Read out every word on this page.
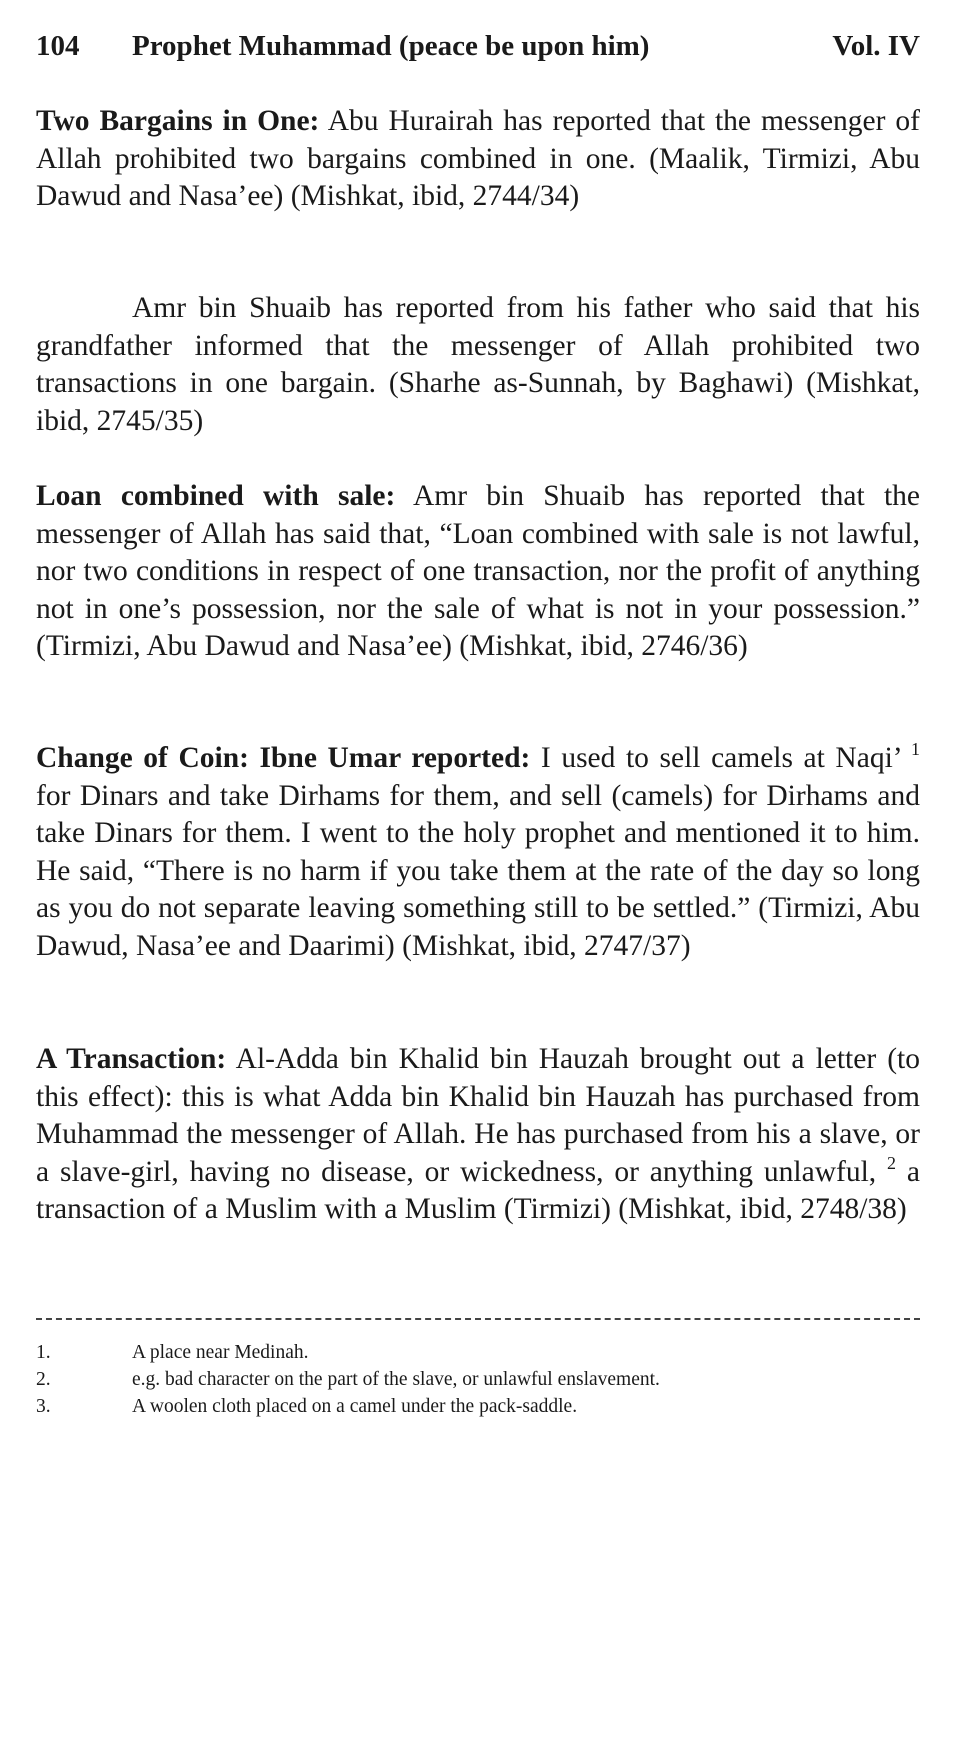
104 Prophet Muhammad (peace be upon him)	Vol. IV

Two Bargains in One: Abu Hurairah has reported that the messenger of Allah prohibited two bargains combined in one. (Maalik, Tirmizi, Abu Dawud and Nasa’ee) (Mishkat, ibid, 2744/34)

Amr bin Shuaib has reported from his father who said that his grandfather informed that the messenger of Allah prohibited two transactions in one bargain. (Sharhe as-Sunnah, by Baghawi) (Mishkat, ibid, 2745/35)

Loan combined with sale: Amr bin Shuaib has reported that the messenger of Allah has said that, “Loan combined with sale is not lawful, nor two conditions in respect of one transaction, nor the profit of anything not in one’s possession, nor the sale of what is not in your possession.” (Tirmizi, Abu Dawud and Nasa’ee) (Mishkat, ibid, 2746/36)

Change of Coin: Ibne Umar reported: I used to sell camels at Naqi’ $^1$ for Dinars and take Dirhams for them, and sell (camels) for Dirhams and take Dinars for them. I went to the holy prophet and mentioned it to him. He said, “There is no harm if you take them at the rate of the day so long as you do not separate leaving something still to be settled.” (Tirmizi, Abu Dawud, Nasa’ee and Daarimi) (Mishkat, ibid, 2747/37)

A Transaction: Al-Adda bin Khalid bin Hauzah brought out a letter (to this effect): this is what Adda bin Khalid bin Hauzah has purchased from Muhammad the messenger of Allah. He has purchased from his a slave, or a slave-girl, having no disease, or wickedness, or anything unlawful, $^2$ a transaction of a Muslim with a Muslim (Tirmizi) (Mishkat, ibid, 2748/38)

1.	A place near Medinah.
2.	e.g. bad character on the part of the slave, or unlawful enslavement.
3.	A woolen cloth placed on a camel under the pack-saddle.
